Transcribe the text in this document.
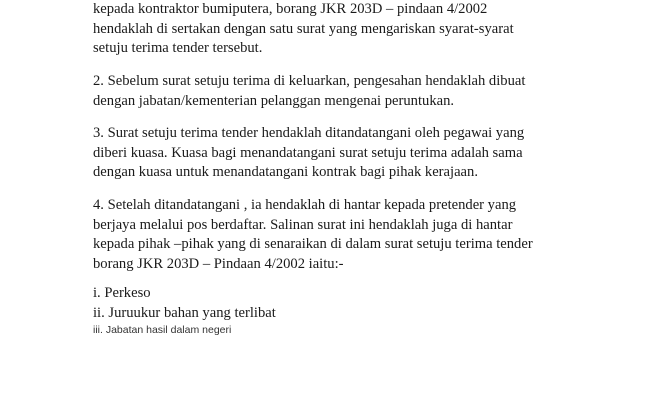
kepada kontraktor bumiputera, borang JKR 203D – pindaan 4/2002
hendaklah di sertakan dengan satu surat yang mengariskan syarat-syarat
setuju terima tender tersebut.

2. Sebelum surat setuju terima di keluarkan, pengesahan hendaklah dibuat
dengan jabatan/kementerian pelanggan mengenai peruntukan.

3. Surat setuju terima tender hendaklah ditandatangani oleh pegawai yang
diberi kuasa. Kuasa bagi menandatangani surat setuju terima adalah sama
dengan kuasa untuk menandatangani kontrak bagi pihak kerajaan.

4. Setelah ditandatangani , ia hendaklah di hantar kepada pretender yang
berjaya melalui pos berdaftar. Salinan surat ini hendaklah juga di hantar
kepada pihak –pihak yang di senaraikan di dalam surat setuju terima tender
borang JKR 203D – Pindaan 4/2002 iaitu:-

i. Perkeso
ii. Juruukur bahan yang terlibat
iii. Jabatan hasil dalam negeri
